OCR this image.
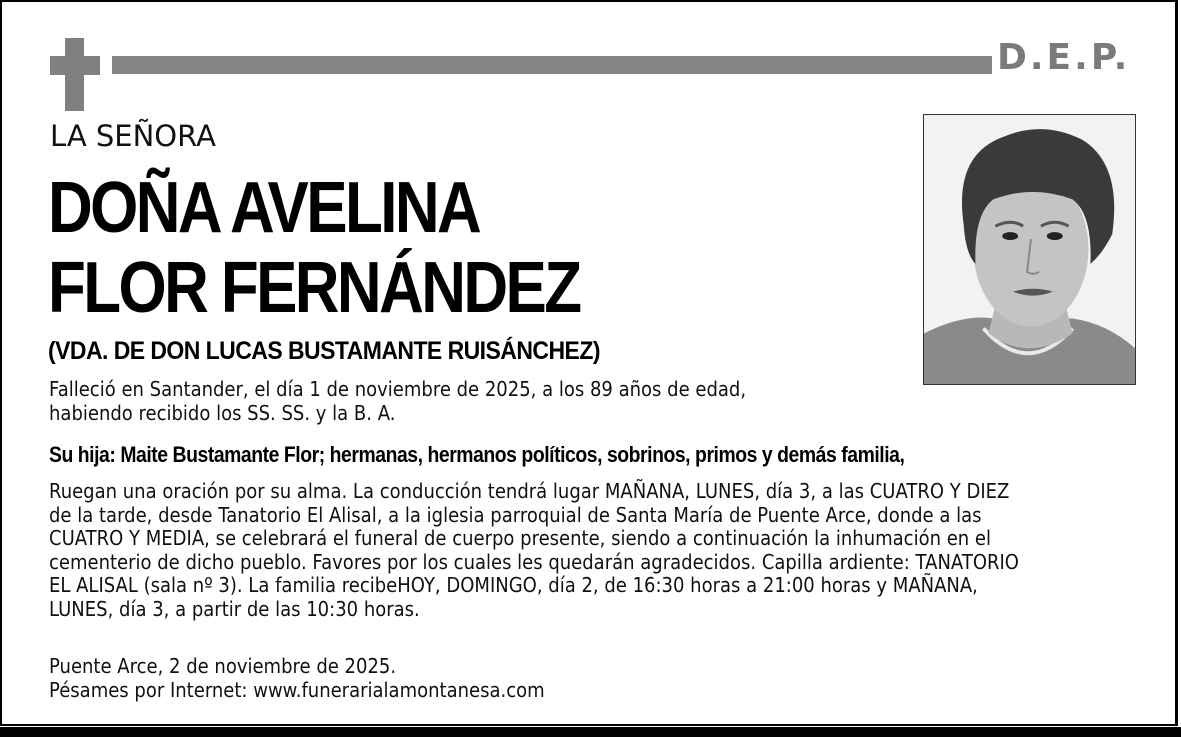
D.E.P.
LA SEÑORA
DOÑA AVELINA
FLOR FERNÁNDEZ
(VDA. DE DON LUCAS BUSTAMANTE RUISÁNCHEZ)
Falleció en Santander, el día 1 de noviembre de 2025, a los 89 años de edad,
habiendo recibido los SS. SS. y la B. A.
Su hija: Maite Bustamante Flor; hermanas, hermanos políticos, sobrinos, primos y demás familia,
Ruegan una oración por su alma. La conducción tendrá lugar MAÑANA, LUNES, día 3, a las CUATRO Y DIEZ
de la tarde, desde Tanatorio El Alisal, a la iglesia parroquial de Santa María de Puente Arce, donde a las
CUATRO Y MEDIA, se celebrará el funeral de cuerpo presente, siendo a continuación la inhumación en el
cementerio de dicho pueblo. Favores por los cuales les quedarán agradecidos. Capilla ardiente: TANATORIO
EL ALISAL (sala nº 3). La familia recibeHOY, DOMINGO, día 2, de 16:30 horas a 21:00 horas y MAÑANA,
LUNES, día 3, a partir de las 10:30 horas.
Puente Arce, 2 de noviembre de 2025.
Pésames por Internet: www.funerarialamontanesa.com
